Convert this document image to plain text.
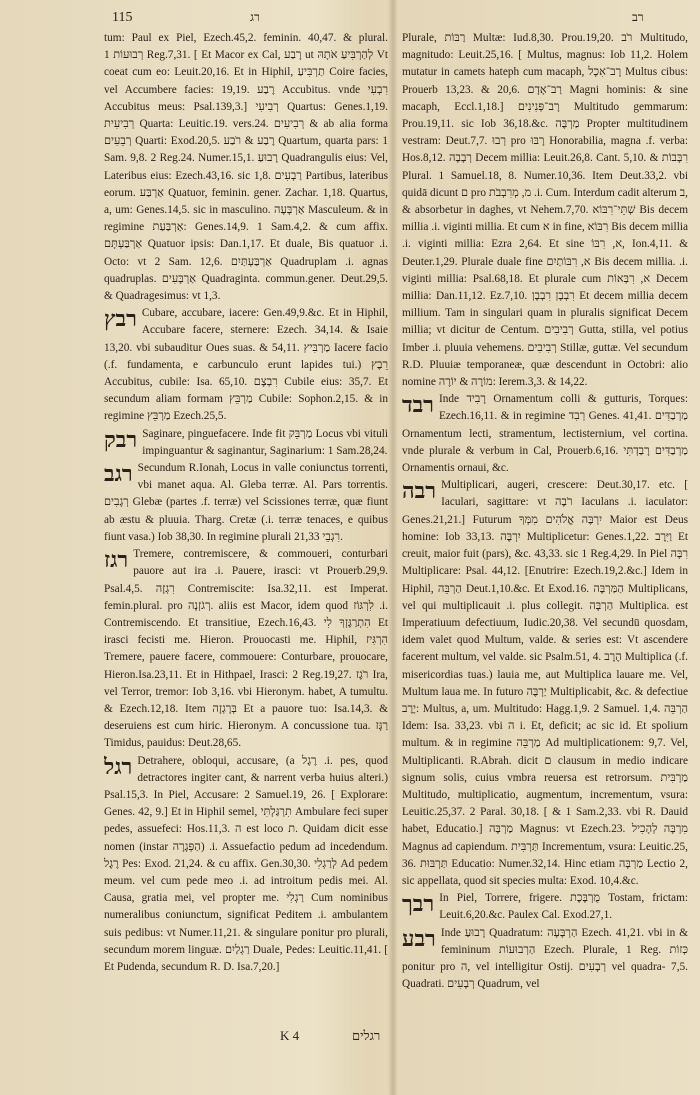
115	רג	רב

tum: Paul ex Piel, Ezech.45,2. feminin. 40,47. & plural. רְבוּעוֹת 1 Reg.7,31. [ Et Macor ex Cal, רָבַע ut לְהַרְבִּיעַ אֹתָהּ Vt coeat cum eo: Leuit.20,16. Et in Hiphil, תַרְבִּיעַ Coire facies, vel Accumbere facies: 19,19. רֶבַע Accubitus. vnde רִבְעִי Accubitus meus: Psal.139,3.] רְבִיעִי Quartus: Genes.1,19. רְבִיעִית Quarta: Leuitic.19. vers.24. רְבִיעִים & ab alia forma רְבֵעִים Quarti: Exod.20,5. רֶבַע & רֹבַע Quartum, quarta pars: 1 Sam. 9,8. 2 Reg.24. Numer.15,1. רָבוּעַ Quadrangulis eius: Vel, Lateribus eius: Ezech.43,16. sic 1,8. רַבְעִים Partibus, lateribus eorum. אַרְבַּע Quatuor, feminin. gener. Zachar. 1,18. Quartus, a, um: Genes.14,5. sic in masculino. אַרְבָּעָה Masculeum. & in regimine אַרְבַּעַת: Genes.14,9. 1 Sam.4,2. & cum affix. אַרְבַּעְתָּם Quatuor ipsis: Dan.1,17. Et duale, Bis quatuor .i. Octo: vt 2 Sam. 12,6. אַרְבַּעְתַּיִם Quadruplam .i. agnas quadruplas. אַרְבָּעִים Quadraginta. commun.gener. Deut.29,5. & Quadragesimus: vt 1,3.

רבץ Cubare, accubare, iacere: Gen.49,9.&c. Et in Hiphil, Accubare facere, sternere: Ezech. 34,14. & Isaie 13,20. vbi subauditur Oues suas. & 54,11. מַרְבִּיץ Iacere facio (.f. fundamenta, e carbunculo erunt lapides tui.) רֵבֶץ Accubitus, cubile: Isa. 65,10. רִבְצָם Cubile eius: 35,7. Et secundum aliam formam מַרְבֵּץ Cubile: Sophon.2,15. & in regimine מַרְבֵּץ Ezech.25,5.

רבק Saginare, pinguefacere. Inde fit מַרְבֵּק Locus vbi vituli impinguantur & saginantur, Saginarium: 1 Sam.28,24.

רגב Secundum R.Ionah, Locus in valle coniunctus torrenti, vbi manet aqua. Al. Gleba terræ. Al. Pars torrentis. רְגָבִים Glebæ (partes .f. terræ) vel Scissiones terræ, quæ fiunt ab æstu & pluuia. Tharg. Cretæ (.i. terræ tenaces, e quibus fiunt vasa.) Iob 38,30. In regimine plurali רִגְבֵי 21,33.

רגז Tremere, contremiscere, & commoueri, conturbari pauore aut ira .i. Pauere, irasci: vt Prouerb.29,9. Psal.4,5. רִגְזָה Contremiscite: Isa.32,11. est Imperat. femin.plural. pro רְגֹזְנָה. aliis est Macor, idem quod לִרְגּוֹז .i. Contremiscendo. Et transitiue, Ezech.16,43. הִתְרַגֶּזְךָ לִי Et irasci fecisti me. Hieron. Prouocasti me. Hiphil, הִרְגִּיז Tremere, pauere facere, commouere: Conturbare, prouocare, Hieron.Isa.23,11. Et in Hithpael, Irasci: 2 Reg.19,27. רֹגֶז Ira, vel Terror, tremor: Iob 3,16. vbi Hieronym. habet, A tumultu. & Ezech.12,18. Item בְּרָגְזָה Et a pauore tuo: Isa.14,3. & deseruiens est cum hiric. Hieronym. A concussione tua. רַגָּז Timidus, pauidus: Deut.28,65.

רגל Detrahere, obloqui, accusare, (a רֶגֶל .i. pes, quod detractores ingiter cant, & narrent verba huius alteri.) Psal.15,3. In Piel, Accusare: 2 Samuel.19, 26. [ Explorare: Genes. 42, 9.] Et in Hiphil semel, תִרְגַּלְתִּי Ambulare feci super pedes, assuefeci: Hos.11,3. ה est loco ת. Quidam dicit esse nomen (instar הַפְּגָרָה) .i. Assuefactio pedum ad incedendum. רֶגֶל Pes: Exod. 21,24. & cu affix. Gen.30,30. לְרַגְלִי Ad pedem meum. vel cum pede meo .i. ad introitum pedis mei. Al. Causa, gratia mei, vel propter me. רַגְלִי Cum nominibus numeralibus coniunctum, significat Peditem .i. ambulantem suis pedibus: vt Numer.11,21. & singulare ponitur pro plurali, secundum morem linguæ. רַגְלַיִם Duale, Pedes: Leuitic.11,41. [ Et Pudenda, secundum R. D. Isa.7,20.]

Plurale, רַבּוֹת Multæ: Iud.8,30. Prou.19,20. רֹב Multitudo, magnitudo: Leuit.25,16. [ Multus, magnus: Iob 11,2. Holem mutatur in camets hateph cum macaph, רָב־אִכָל Multus cibus: Prouerb 13,23. & 20,6. רַב־אָדָם Magni hominis: & sine macaph, Eccl.1,18.] רָב־פְּנִינִים Multitudo gemmarum: Prou.19,11. sic Iob 36,18.&c. מַרְבֶּה Propter multitudinem vestram: Deut.7,7. רְבוּ pro רָבּוּ Honorabilia, magna .f. verba: Hos.8,12. רְבָבָה Decem millia: Leuit.26,8. Cant. 5,10. & רִבָּבוֹת Plural. 1 Samuel.18, 8. Numer.10,36. Item Deut.33,2. vbi quidā dicunt ם pro מ, מְרִבְבֹת .i. Cum. Interdum cadit alterum ב, & absorbetur in daghes, vt Nehem.7,70. שְׁתֵּי־רִבּוֹא Bis decem millia .i. viginti millia. Et cum א in fine, רִבּוֹא Bis decem millia .i. viginti millia: Ezra 2,64. Et sine א, רִבּוֹ, Ion.4,11. & Deuter.1,29. Plurale duale fine א, רִבּוֹתַיִם Bis decem millia. .i. viginti millia: Psal.68,18. Et plurale cum א, רִבְּאוֹת Decem millia: Dan.11,12. Ez.7,10. רִבְבָן רִבְבָן Et decem millia decem millium. Tam in singulari quam in pluralis significat Decem millia; vt dicitur de Centum. רְבִיבִים Gutta, stilla, vel potius Imber .i. pluuia vehemens. רְבִיבִים Stillæ, guttæ. Vel secundum R.D. Pluuiæ temporaneæ, quæ descendunt in Octobri: alio nomine מוֹרֶה & יוֹרֶה: Ierem.3,3. & 14,22.

רבד Inde רָבִיד Ornamentum colli & gutturis, Torques: Ezech.16,11. & in regimine רְבִד Genes. 41,41. מַרְבַדִּים Ornamentum lecti, stramentum, lectisternium, vel cortina. vnde plurale & verbum in Cal, Prouerb.6,16. מַרְבַדִּים רָבַדְתִּי Ornamentis ornaui, &c.

רבה Multiplicari, augeri, crescere: Deut.30,17. etc. [ Iaculari, sagittare: vt רֹבֶה Iaculans .i. iaculator: Genes.21,21.] Futurum יִרְבֶּה אֱלֹהִים מִמְּךָ Maior est Deus homine: Iob 33,13. יִרְבֶּה Multiplicetur: Genes.1,22. וַיִּרֶב Et creuit, maior fuit (pars), &c. 43,33. sic 1 Reg.4,29. In Piel רִבָּה Multiplicare: Psal. 44,12. [Enutrire: Ezech.19,2.&c.] Idem in Hiphil, הַרְבֵּה Deut.1,10.&c. Et Exod.16. הַמַּרְבֶּה Multiplicans, vel qui multiplicauit .i. plus collegit. הַרְבָּה Multiplica. est Imperatiuum defectiuum, Iudic.20,38. Vel secundū quosdam, idem valet quod Multum, valde. & series est: Vt ascendere facerent multum, vel valde. sic Psalm.51, 4. הֶרֶב Multiplica (.f. misericordias tuas.) lauia me, aut Multiplica lauare me. Vel, Multum laua me. In futuro יַרְבֶּה Multiplicabit, &c. & defectiue יֶרֶב: Multus, a, um. Multitudo: Hagg.1,9. 2 Samuel. 1,4. הַרְבֵּה Idem: Isa. 33,23. vbi ה i. Et, deficit; ac sic id. Et spolium multum. & in regimine מַרְבֵּה Ad multiplicationem: 9,7. Vel, Multiplicanti. R.Abrah. dicit ם clausum in medio indicare signum solis, cuius vmbra reuersa est retrorsum. מַרְבִּית Multitudo, multiplicatio, augmentum, incrementum, vsura: Leuitic.25,37. 2 Paral. 30,18. [ & 1 Sam.2,33. vbi R. Dauid habet, Educatio.] מַרְבָּה Magnus: vt Ezech.23. מִרְבָּה לְהָכִיל Magnus ad capiendum. תַּרְבִּית Incrementum, vsura: Leuitic.25, 36. תַּרְבּוּת Educatio: Numer.32,14. Hinc etiam מַרְבָּה Lectio 2, sic appellata, quod sit species multa: Exod. 10,4.&c.

רבך In Piel, Torrere, frigere. מֻרְבֶּכֶת Tostam, frictam: Leuit.6,20.&c. Paulex Cal. Exod.27,1.

רבע Inde רָבוּעַ Quadratum: הַרְבָּעָה Ezech. 41,21. vbi in & femininum הַרְבוּעוֹת Ezech. Plurale, 1 Reg. כְּזוֹת ponitur pro ה, vel intelligitur Ostij. רְבָעִים vel quadra- 7,5. Quadrati. רְבָעִים Quadrum, vel

K 4	רגלים
